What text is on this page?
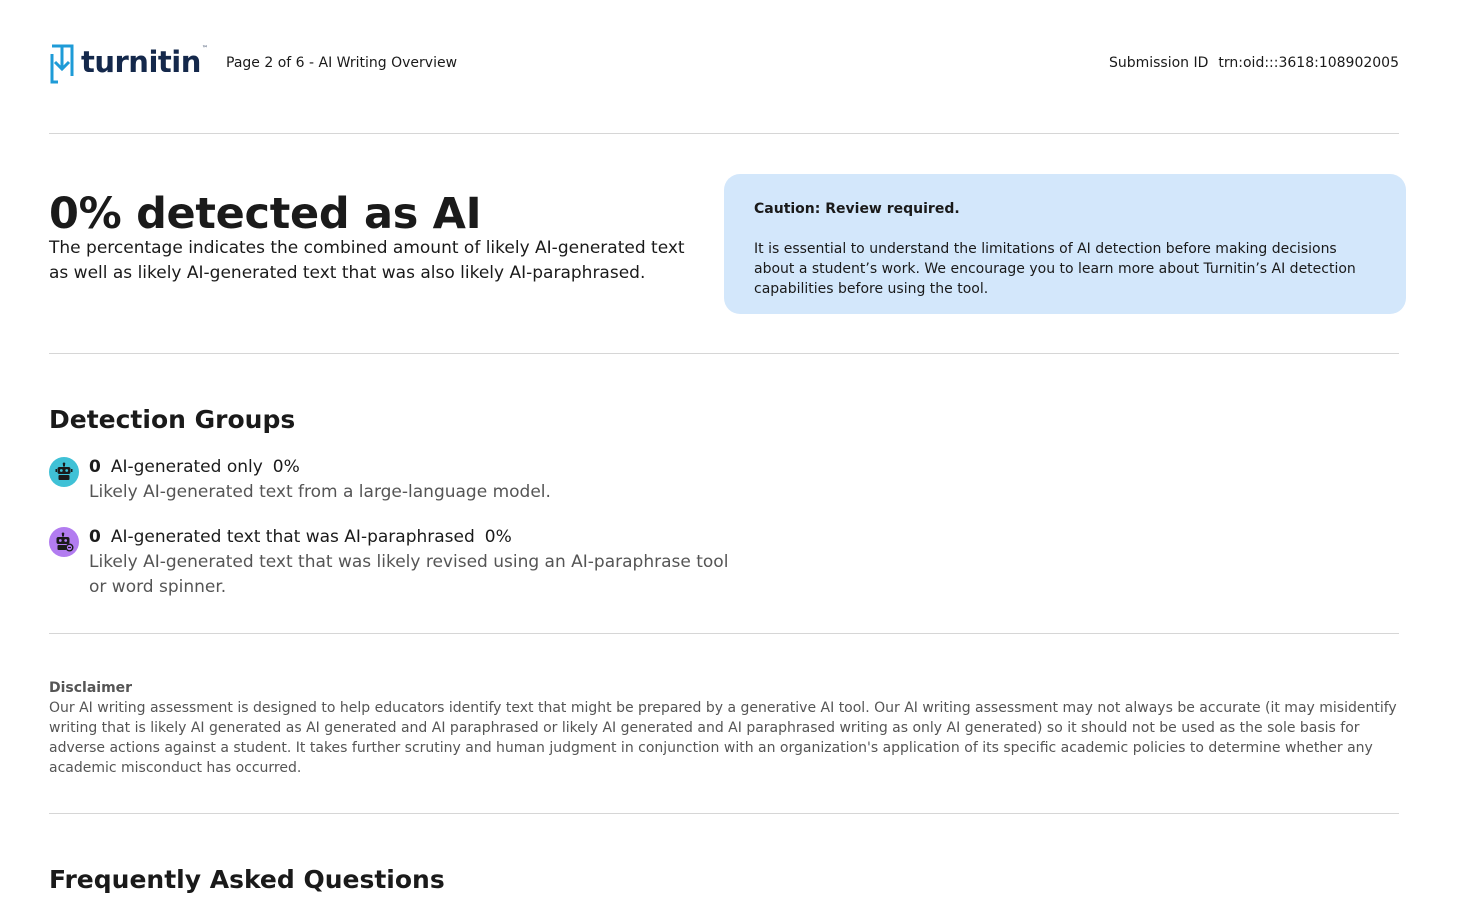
turnitin ™
Page 2 of 6 - AI Writing Overview	Submission ID trn:oid:::3618:108902005
0% detected as AI
The percentage indicates the combined amount of likely AI-generated text as well as likely AI-generated text that was also likely AI-paraphrased.
Caution: Review required.
It is essential to understand the limitations of AI detection before making decisions about a student’s work. We encourage you to learn more about Turnitin’s AI detection capabilities before using the tool.
Detection Groups
0 AI-generated only 0%
Likely AI-generated text from a large-language model.
0 AI-generated text that was AI-paraphrased 0%
Likely AI-generated text that was likely revised using an AI-paraphrase tool or word spinner.
Disclaimer
Our AI writing assessment is designed to help educators identify text that might be prepared by a generative AI tool. Our AI writing assessment may not always be accurate (it may misidentify writing that is likely AI generated as AI generated and AI paraphrased or likely AI generated and AI paraphrased writing as only AI generated) so it should not be used as the sole basis for adverse actions against a student. It takes further scrutiny and human judgment in conjunction with an organization's application of its specific academic policies to determine whether any academic misconduct has occurred.
Frequently Asked Questions
